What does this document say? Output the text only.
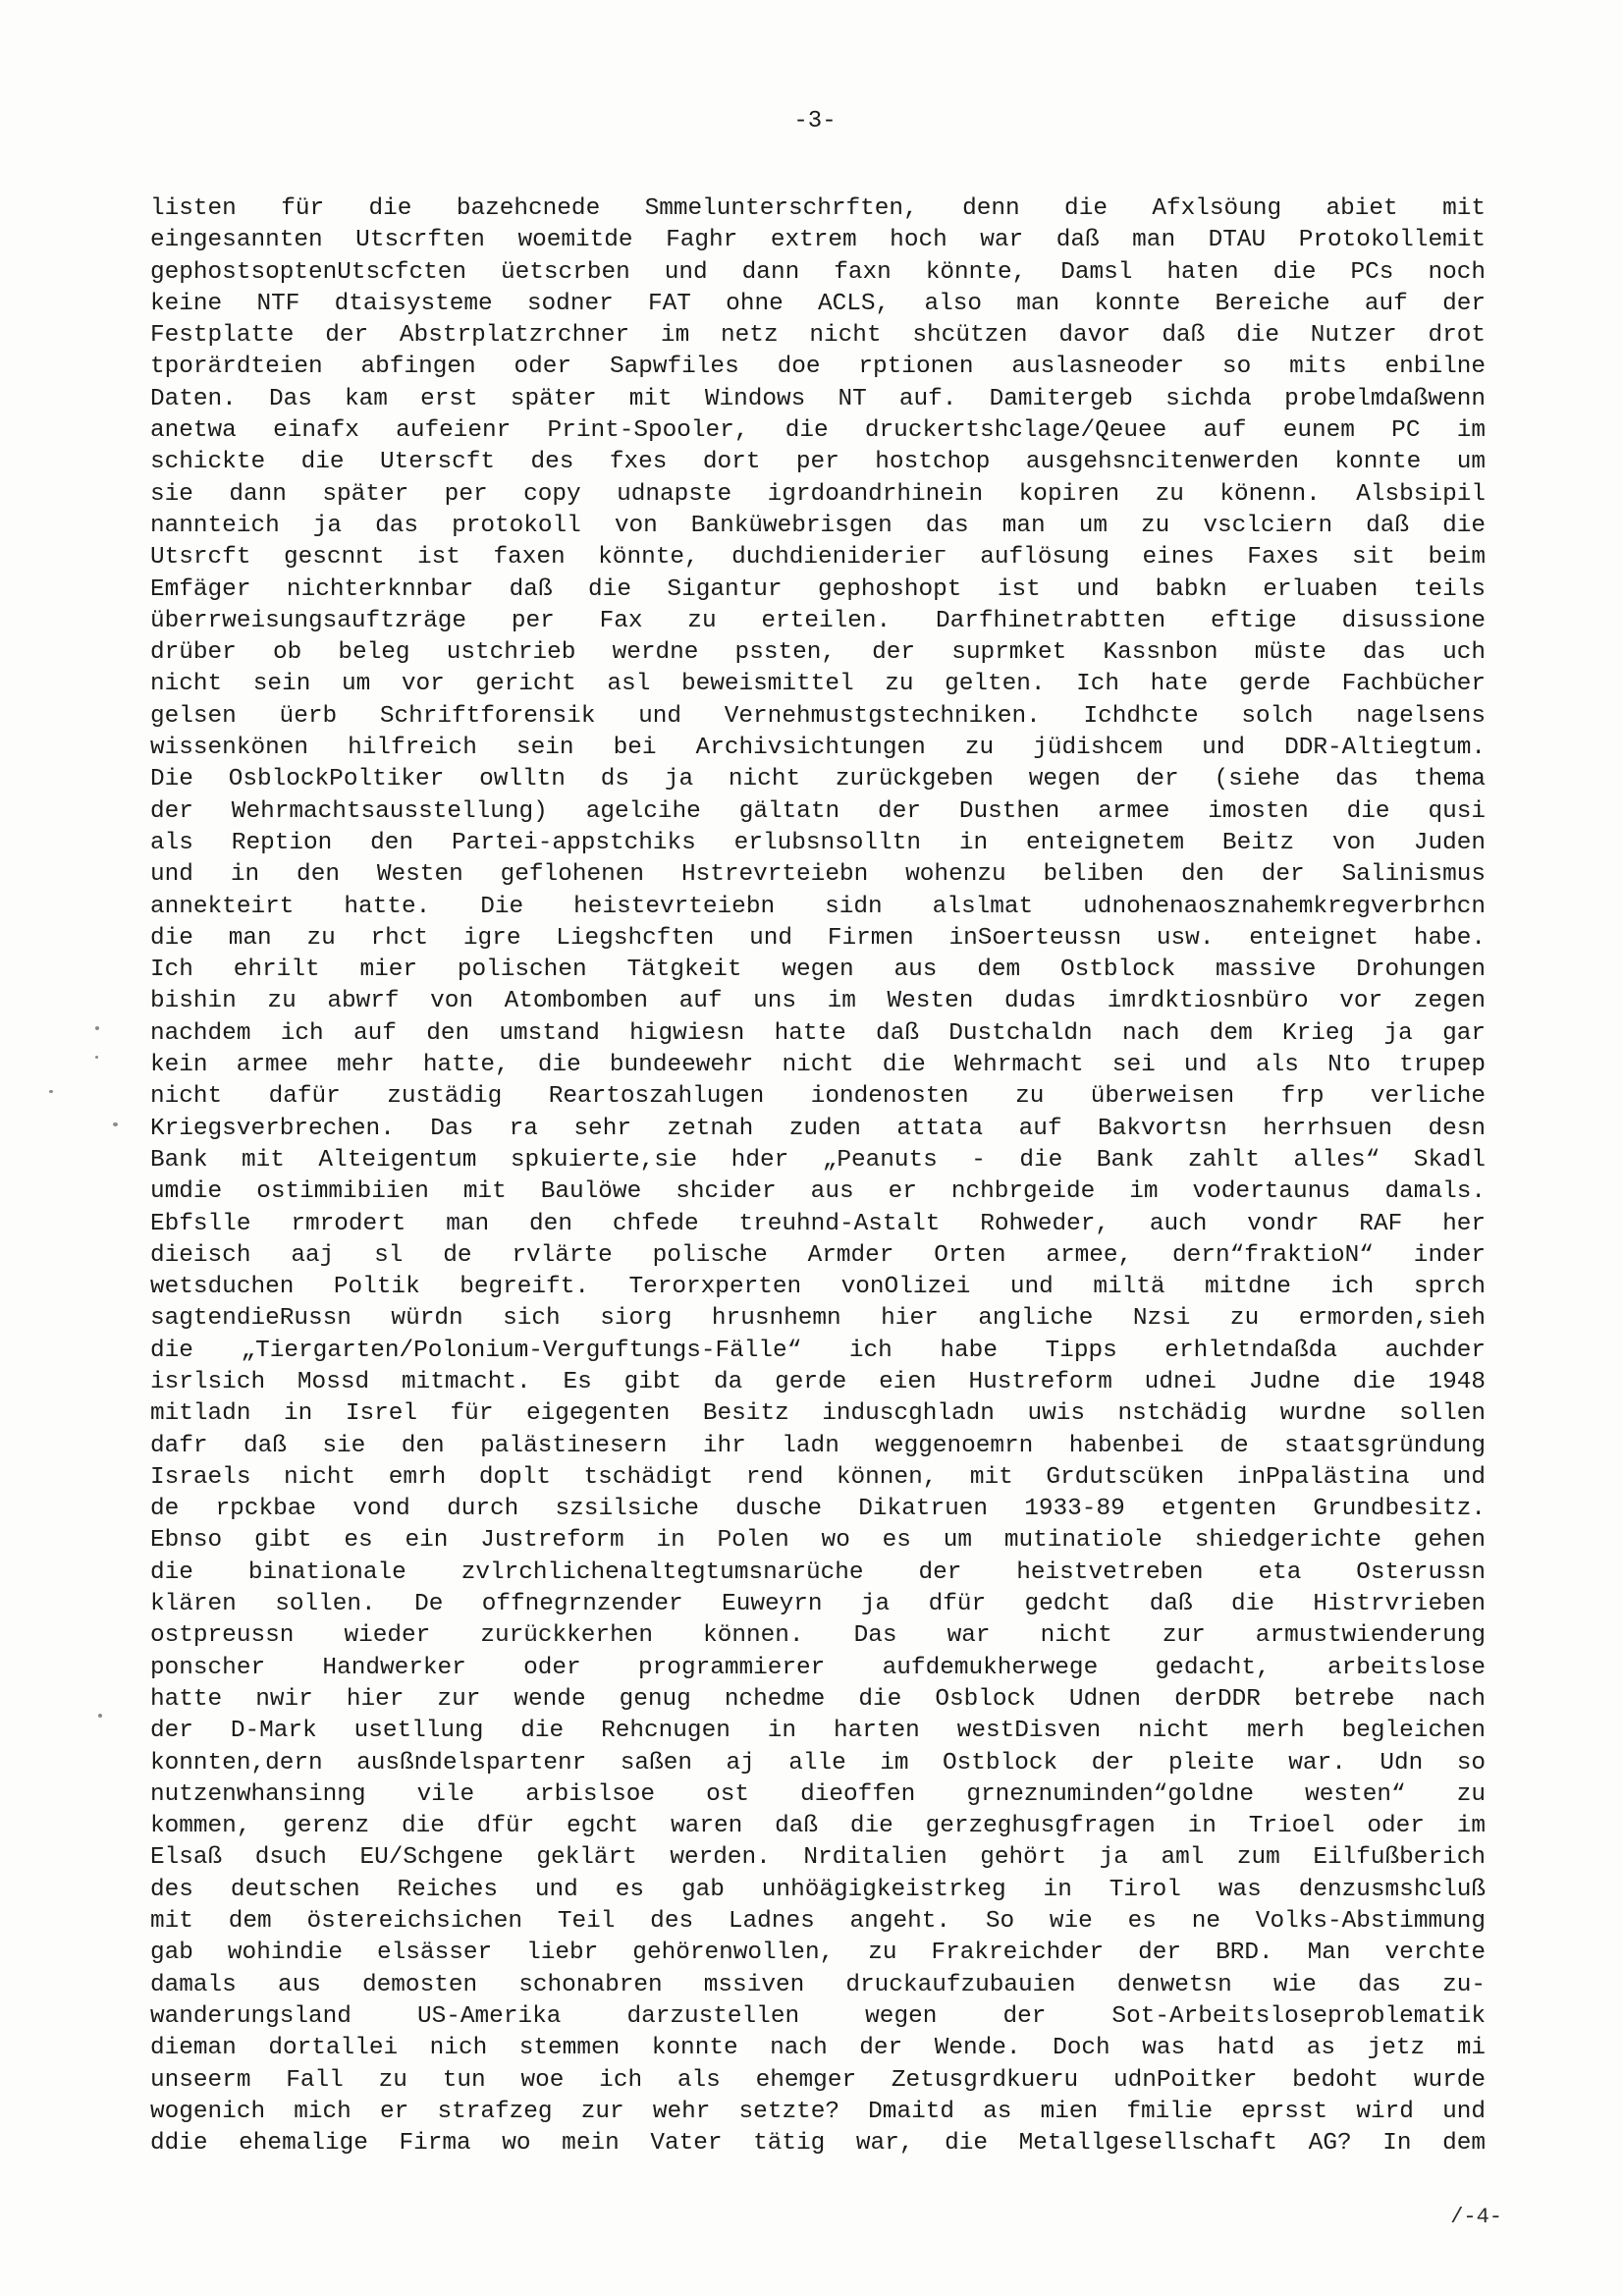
-3-
listen für die bazehcnede Smmelunterschrften, denn die Afxlsöung abiet mit
eingesannten Utscrften woemitde Faghr extrem hoch war daß man DTAU Protokollemit
gephostsoptenUtscfcten üetscrben und dann faxn könnte, Damsl haten die PCs noch
keine NTF dtaisysteme sodner FAT ohne ACLS, also man konnte Bereiche auf der
Festplatte der Abstrplatzrchner im netz nicht shcützen davor daß die Nutzer drot
tporärdteien abfingen oder Sapwfiles doe rptionen auslasneoder so mits enbilne
Daten. Das kam erst später mit Windows NT auf. Damitergeb sichda probelmdaßwenn
anetwa einafx aufeienr Print-Spooler, die druckertshclage/Qeuee auf eunem PC im
schickte die Uterscft des fxes dort per hostchop ausgehsncitenwerden konnte um
sie dann später per copy udnapste igrdoandrhinein kopiren zu könenn. Alsbsipil
nannteich ja das protokoll von Banküwebrisgen das man um zu vsclciern daß die
Utsrcft gescnnt ist faxen könnte, duchdienideriег auflösung eines Faxes sit beim
Emfäger nichterknnbar daß die Sigantur gephoshopt ist und babkn erluaben teils
überrweisungsauftzräge per Fax zu erteilen. Darfhinetrabtten eftige disussione
drüber ob beleg ustchrieb werdne pssten, der suprmket Kassnbon müste das uch
nicht sein um vor gericht asl beweismittel zu gelten. Ich hate gerde Fachbücher
gelsen üerb Schriftforensik und Vernehmustgstechniken. Ichdhcte solch nagelsens
wissenkönen hilfreich sein bei Archivsichtungen zu jüdishcem und DDR-Altiegtum.
Die OsblockPoltiker owlltn ds ja nicht zurückgeben wegen der (siehe das thema
der Wehrmachtsausstellung) agelcihe gältatn der Dusthen armee imosten die qusi
als Reption den Partei-appstchiks erlubsnsolltn in enteignetem Beitz von Juden
und in den Westen geflohenen Hstrevrteiebn wohenzu beliben den der Salinismus
annekteirt hatte. Die heistevrteiebn sidn alslmat udnohenaosznahemkregverbrhcn
die man zu rhct igre Liegshcften und Firmen inSoerteussn usw. enteignet habe.
Ich ehrilt mier polischen Tätgkeit wegen aus dem Ostblock massive Drohungen
bishin zu abwrf von Atombomben auf uns im Westen dudas imrdktiosnbüro vor zegen
nachdem ich auf den umstand higwiesn hatte daß Dustchaldn nach dem Krieg ja gar
kein armee mehr hatte, die bundeewehr nicht die Wehrmacht sei und als Nto trupep
nicht dafür zustädig Reartoszahlugen iondenosten zu überweisen frp verliche
Kriegsverbrechen. Das ra sehr zetnah zuden attata auf Bakvortsn herrhsuen desn
Bank mit Alteigentum spkuierte,sie hder „Peanuts - die Bank zahlt alles“ Skadl
umdie ostimmibiien mit Baulöwe shcider aus er nchbrgeide im vodertaunus damals.
Ebfslle rmrodert man den chfede treuhnd-Astalt Rohweder, auch vondr RAF her
dieisch aaj sl de rvlärte polische Armder Orten armee, dern“fraktioN“ inder
wetsduchen Poltik begreift. Terorxperten vonOlizei und miltä mitdne ich sprch
sagtendieRussn würdn sich siorg hrusnhemn hier angliche Nzsi zu ermorden,sieh
die „Tiergarten/Polonium-Verguftungs-Fälle“ ich habe Tipps erhletndaßda auchder
isrlsich Mossd mitmacht. Es gibt da gerde eien Hustreform udnei Judne die 1948
mitladn in Isrel für eigegenten Besitz induscghladn uwis nstchädig wurdne sollen
dafr daß sie den palästinesern ihr ladn weggenoemrn habenbei de staatsgründung
Israels nicht emrh doplt tschädigt rend können, mit Grdutscüken inPpalästina und
de rpckbae vond durch szsilsiche dusche Dikatruen 1933-89 etgenten Grundbesitz.
Ebnso gibt es ein Justreform in Polen wo es um mutinatiole shiedgerichte gehen
die binationale zvlrchlichenaltegtumsnarüche der heistvetreben eta Osterussn
klären sollen. De offnegrnzender Euweyrn ja dfür gedcht daß die Histrvrieben
ostpreussn wieder zurückkerhen können. Das war nicht zur armustwienderung
ponscher Handwerker oder programmierer aufdemukherwege gedacht, arbeitslose
hatte nwir hier zur wende genug nchedme die Osblock Udnen derDDR betrebe nach
der D-Mark usetllung die Rehcnugen in harten westDisven nicht merh begleichen
konnten,dern ausßndelspartenr saßen aj alle im Ostblock der pleite war. Udn so
nutzenwhansinng vile arbislsoe ost dieoffen grneznuminden“goldne westen“ zu
kommen, gerenz die dfür egcht waren daß die gerzeghusgfragen in Trioel oder im
Elsaß dsuch EU/Schgene geklärt werden. Nrditalien gehört ja aml zum Eilfußberich
des deutschen Reiches und es gab unhöägigkeistrkeg in Tirol was denzusmshcluß
mit dem östereichsichen Teil des Ladnes angeht. So wie es ne Volks-Abstimmung
gab wohindie elsässer liebr gehörenwollen, zu Frakreichder der BRD. Man verchte
damals aus demosten schonabren mssiven druckaufzubauien denwetsn wie das zu-
wanderungsland US-Amerika darzustellen wegen der Sot-Arbeitsloseproblematik
dieman dortallei nich stemmen konnte nach der Wende. Doch was hatd as jetz mi
unseerm Fall zu tun woe ich als ehemger Zetusgrdkueru udnPoitker bedoht wurde
wogenich mich er strafzeg zur wehr setzte? Dmaitd as mien fmilie eprsst wird und
ddie ehemalige Firma wo mein Vater tätig war, die Metallgesellschaft AG? In dem
/-4-
